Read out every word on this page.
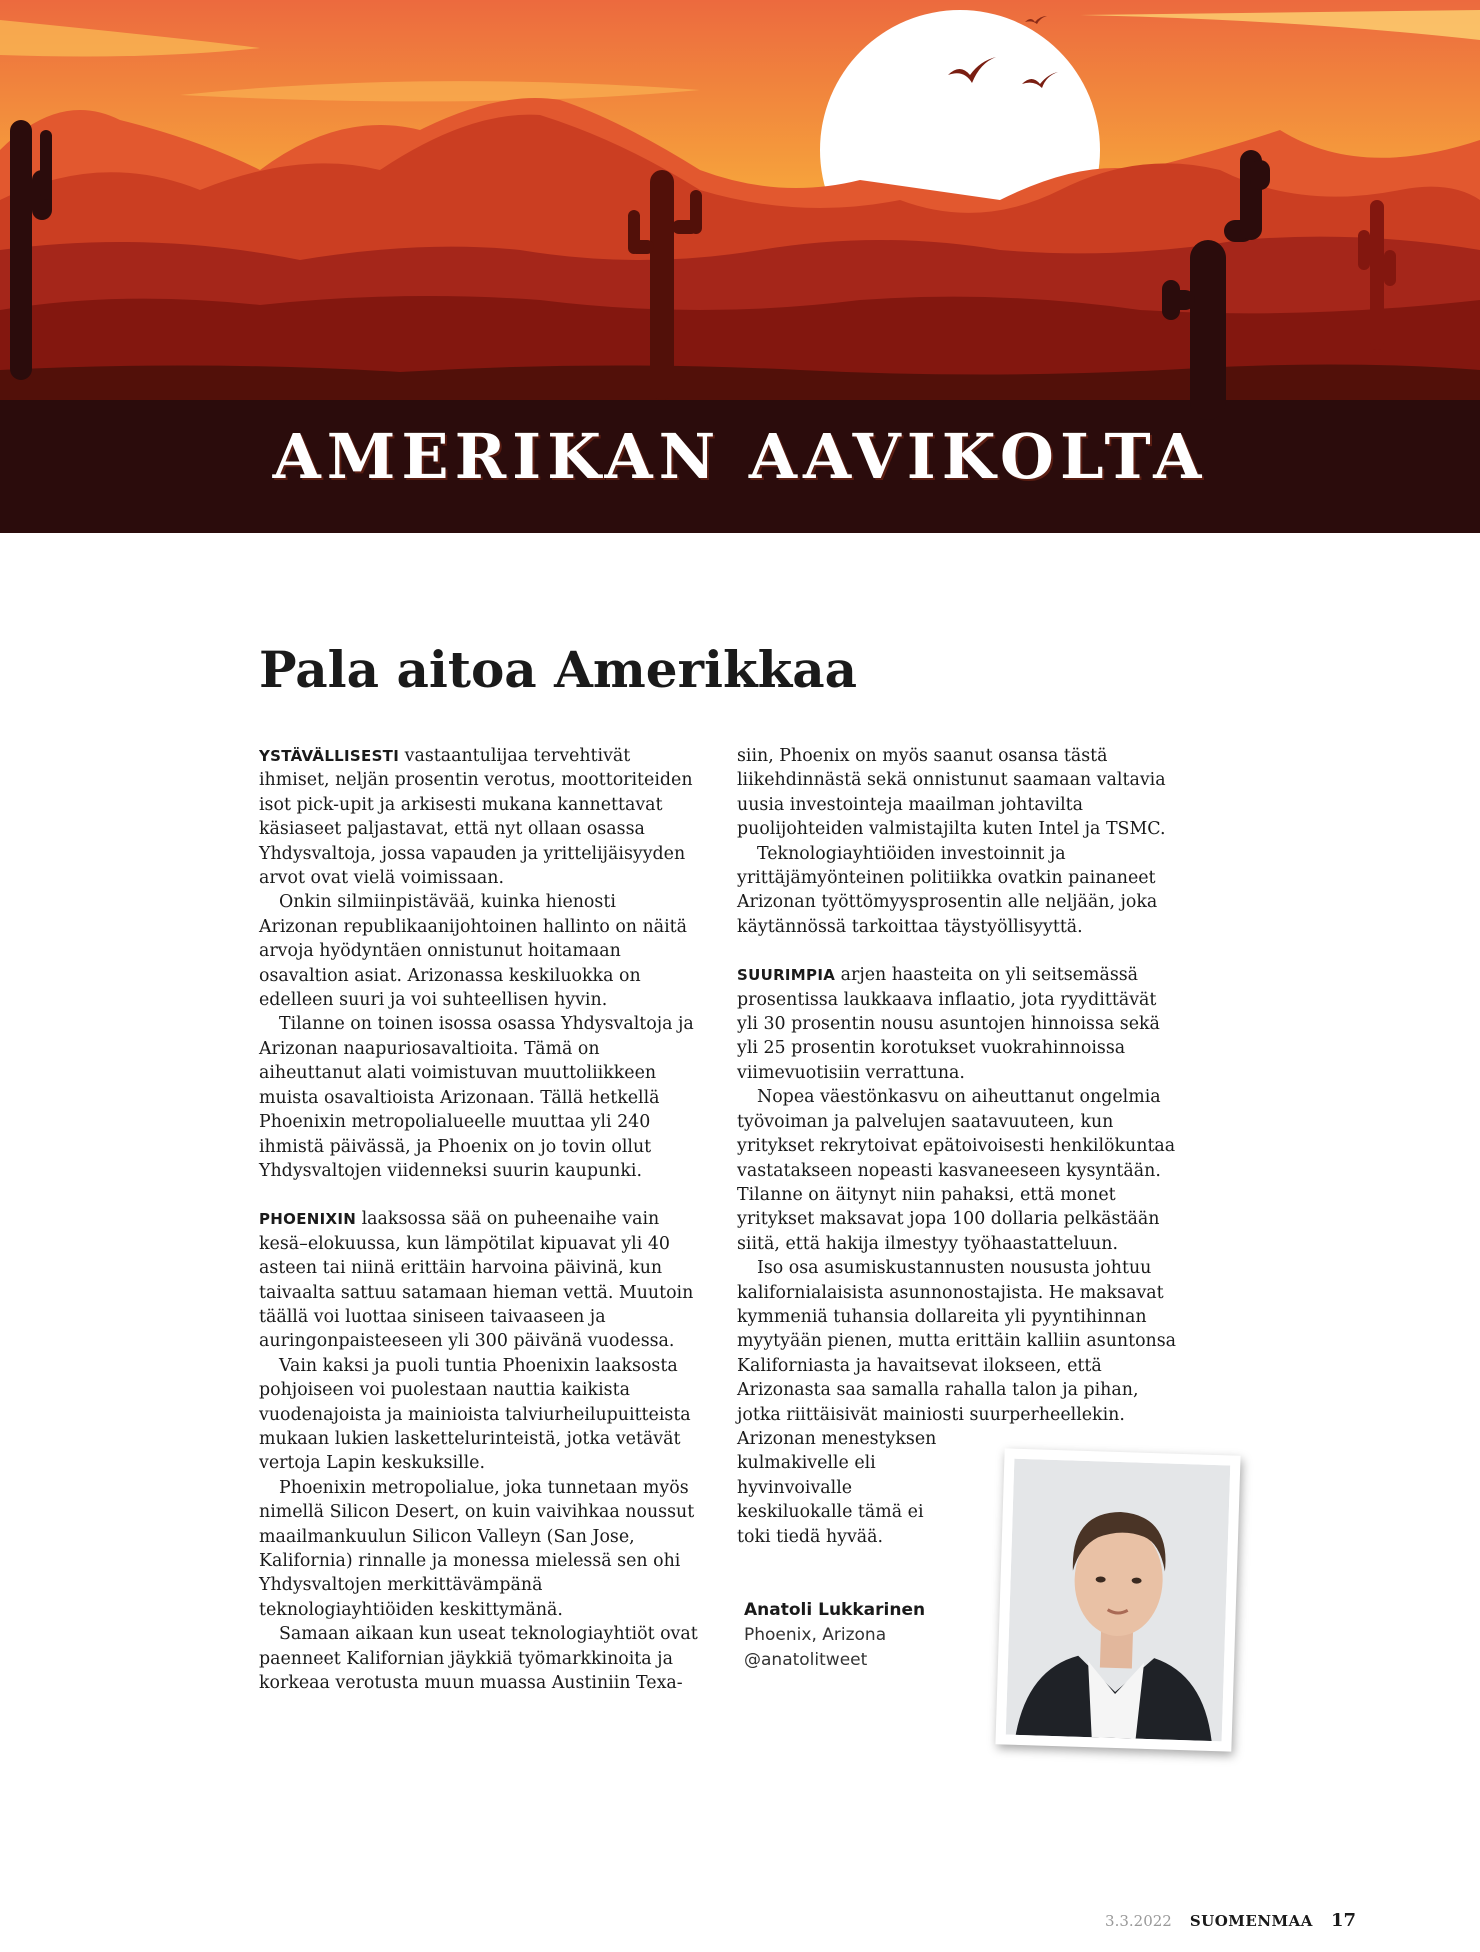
AMERIKAN AAVIKOLTA
Pala aitoa Amerikkaa

YSTÄVÄLLISESTI vastaantulijaa tervehtivät ihmiset, neljän prosentin verotus, moottoriteiden isot pick-upit ja arkisesti mukana kannettavat käsiaseet paljastavat, että nyt ollaan osassa Yhdysvaltoja, jossa vapauden ja yrittelijäisyyden arvot ovat vielä voimissaan.

Onkin silmiinpistävää, kuinka hienosti Arizonan republikaanijohtoinen hallinto on näitä arvoja hyödyntäen onnistunut hoitamaan osavaltion asiat. Arizonassa keskiluokka on edelleen suuri ja voi suhteellisen hyvin.

Tilanne on toinen isossa osassa Yhdysvaltoja ja Arizonan naapuriosavaltioita. Tämä on aiheuttanut alati voimistuvan muuttoliikkeen muista osavaltioista Arizonaan. Tällä hetkellä Phoenixin metropolialueelle muuttaa yli 240 ihmistä päivässä, ja Phoenix on jo tovin ollut Yhdysvaltojen viidenneksi suurin kaupunki.

PHOENIXIN laaksossa sää on puheenaihe vain kesä–elokuussa, kun lämpötilat kipuavat yli 40 asteen tai niinä erittäin harvoina päivinä, kun taivaalta sattuu satamaan hieman vettä. Muutoin täällä voi luottaa siniseen taivaaseen ja auringonpaisteeseen yli 300 päivänä vuodessa.

Vain kaksi ja puoli tuntia Phoenixin laaksosta pohjoiseen voi puolestaan nauttia kaikista vuodenajoista ja mainioista talviurheilupuitteista mukaan lukien laskettelurinteistä, jotka vetävät vertoja Lapin keskuksille.

Phoenixin metropolialue, joka tunnetaan myös nimellä Silicon Desert, on kuin vaivihkaa noussut maailmankuulun Silicon Valleyn (San Jose, Kalifornia) rinnalle ja monessa mielessä sen ohi Yhdysvaltojen merkittävämpänä teknologiayhtiöiden keskittymänä.

Samaan aikaan kun useat teknologiayhtiöt ovat paenneet Kalifornian jäykkiä työmarkkinoita ja korkeaa verotusta muun muassa Austiniin Texa-

siin, Phoenix on myös saanut osansa tästä liikehdinnästä sekä onnistunut saamaan valtavia uusia investointeja maailman johtavilta puolijohteiden valmistajilta kuten Intel ja TSMC.

Teknologiayhtiöiden investoinnit ja yrittäjämyönteinen politiikka ovatkin painaneet Arizonan työttömyysprosentin alle neljään, joka käytännössä tarkoittaa täystyöllisyyttä.

SUURIMPIA arjen haasteita on yli seitsemässä prosentissa laukkaava inflaatio, jota ryydittävät yli 30 prosentin nousu asuntojen hinnoissa sekä yli 25 prosentin korotukset vuokrahinnoissa viimevuotisiin verrattuna.

Nopea väestönkasvu on aiheuttanut ongelmia työvoiman ja palvelujen saatavuuteen, kun yritykset rekrytoivat epätoivoisesti henkilökuntaa vastatakseen nopeasti kasvaneeseen kysyntään. Tilanne on äitynyt niin pahaksi, että monet yritykset maksavat jopa 100 dollaria pelkästään siitä, että hakija ilmestyy työhaastatteluun.

Iso osa asumiskustannusten noususta johtuu kalifornialaisista asunnonostajista. He maksavat kymmeniä tuhansia dollareita yli pyyntihinnan myytyään pienen, mutta erittäin kalliin asuntonsa Kaliforniasta ja havaitsevat ilokseen, että Arizonasta saa samalla rahalla talon ja pihan, jotka riittäisivät mainiosti suurperheellekin.

Arizonan menestyksen kulmakivelle eli hyvinvoivalle keskiluokalle tämä ei toki tiedä hyvää.

Anatoli Lukkarinen
Phoenix, Arizona
@anatolitweet
3.3.2022 SUOMENMAA 17
